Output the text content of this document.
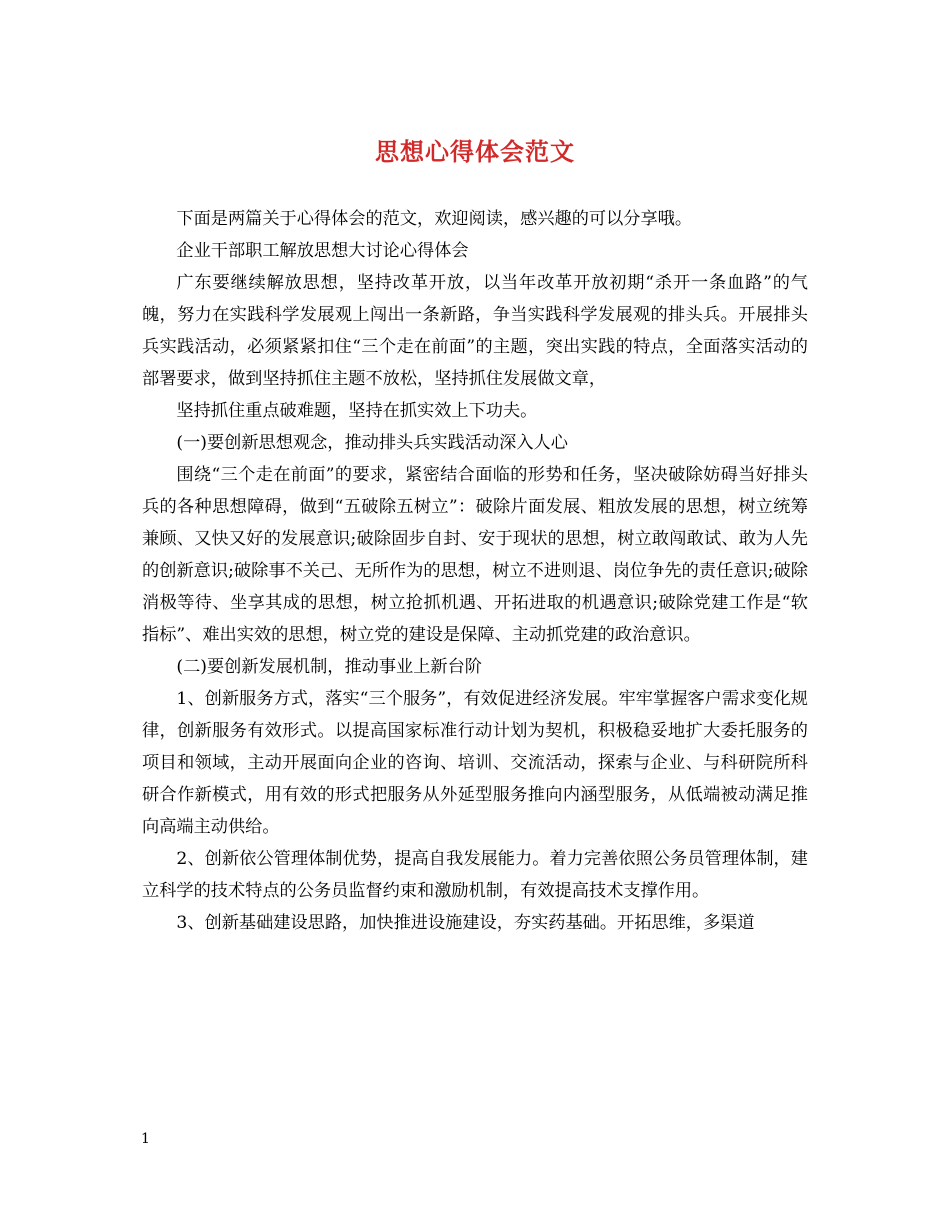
思想心得体会范文

下面是两篇关于心得体会的范文，欢迎阅读，感兴趣的可以分享哦。

企业干部职工解放思想大讨论心得体会

广东要继续解放思想，坚持改革开放，以当年改革开放初期“杀开一条血路”的气魄，努力在实践科学发展观上闯出一条新路，争当实践科学发展观的排头兵。开展排头兵实践活动，必须紧紧扣住“三个走在前面”的主题，突出实践的特点，全面落实活动的部署要求，做到坚持抓住主题不放松，坚持抓住发展做文章，

坚持抓住重点破难题，坚持在抓实效上下功夫。

(一)要创新思想观念，推动排头兵实践活动深入人心

围绕“三个走在前面”的要求，紧密结合面临的形势和任务，坚决破除妨碍当好排头兵的各种思想障碍，做到“五破除五树立”：破除片面发展、粗放发展的思想，树立统筹兼顾、又快又好的发展意识;破除固步自封、安于现状的思想，树立敢闯敢试、敢为人先的创新意识;破除事不关己、无所作为的思想，树立不进则退、岗位争先的责任意识;破除消极等待、坐享其成的思想，树立抢抓机遇、开拓进取的机遇意识;破除党建工作是“软指标”、难出实效的思想，树立党的建设是保障、主动抓党建的政治意识。

(二)要创新发展机制，推动事业上新台阶

1、创新服务方式，落实“三个服务”，有效促进经济发展。牢牢掌握客户需求变化规律，创新服务有效形式。以提高国家标准行动计划为契机，积极稳妥地扩大委托服务的项目和领域，主动开展面向企业的咨询、培训、交流活动，探索与企业、与科研院所科研合作新模式，用有效的形式把服务从外延型服务推向内涵型服务，从低端被动满足推向高端主动供给。

2、创新依公管理体制优势，提高自我发展能力。着力完善依照公务员管理体制，建立科学的技术特点的公务员监督约束和激励机制，有效提高技术支撑作用。

3、创新基础建设思路，加快推进设施建设，夯实药基础。开拓思维，多渠道

1
